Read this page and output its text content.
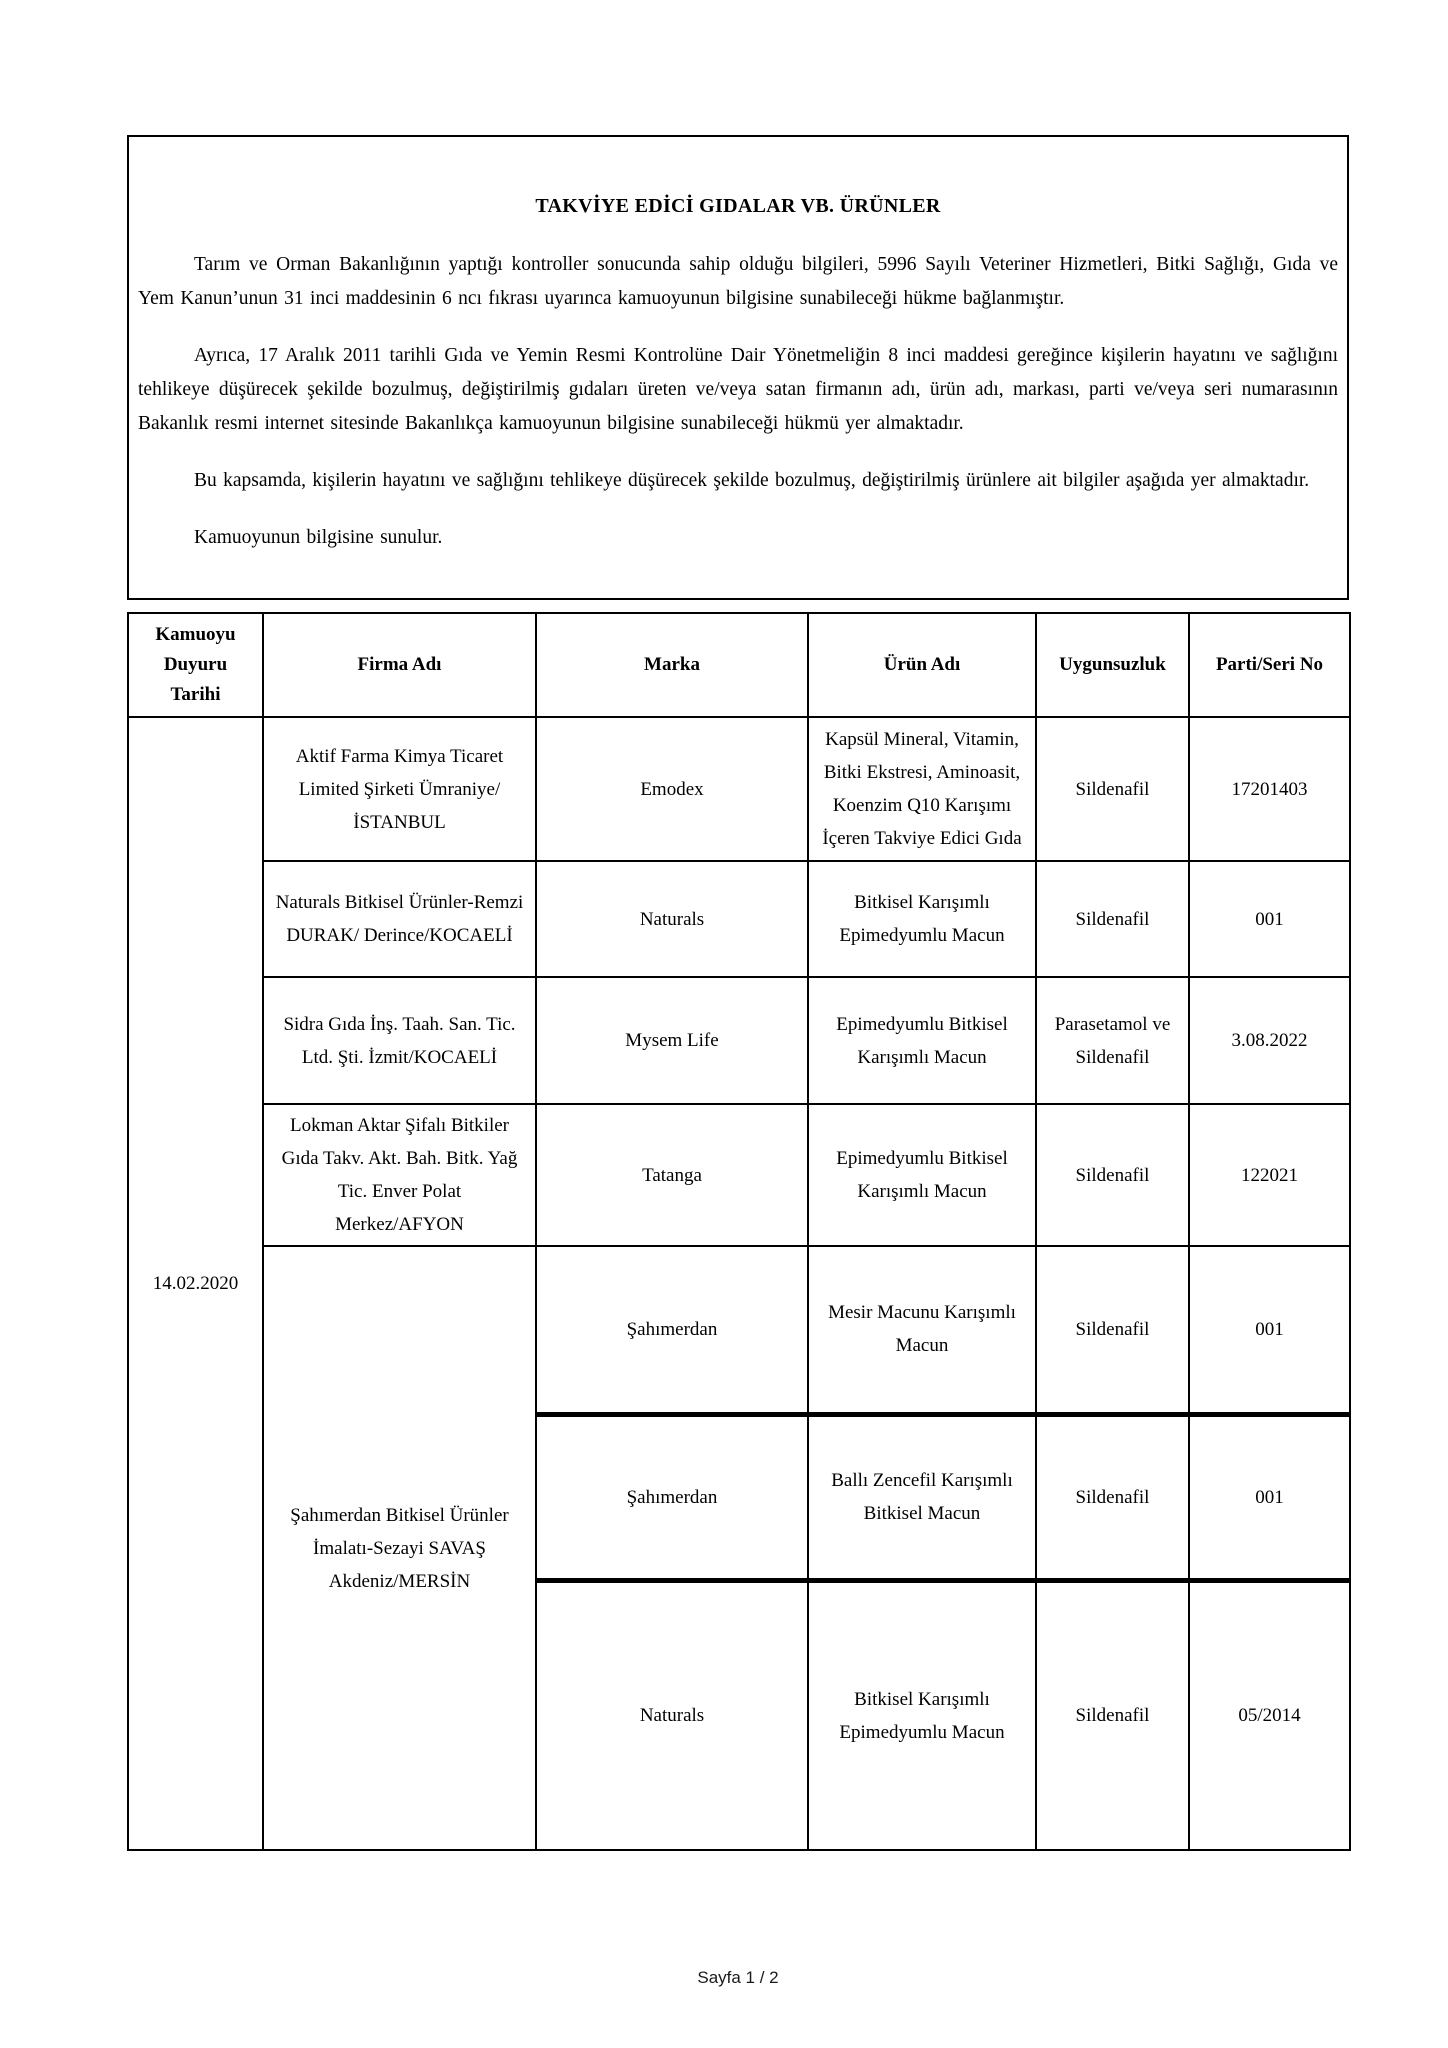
TAKVİYE EDİCİ GIDALAR VB. ÜRÜNLER

Tarım ve Orman Bakanlığının yaptığı kontroller sonucunda sahip olduğu bilgileri, 5996 Sayılı Veteriner Hizmetleri, Bitki Sağlığı, Gıda ve Yem Kanun’unun 31 inci maddesinin 6 ncı fıkrası uyarınca kamuoyunun bilgisine sunabileceği hükme bağlanmıştır.

Ayrıca, 17 Aralık 2011 tarihli Gıda ve Yemin Resmi Kontrolüne Dair Yönetmeliğin 8 inci maddesi gereğince kişilerin hayatını ve sağlığını tehlikeye düşürecek şekilde bozulmuş, değiştirilmiş gıdaları üreten ve/veya satan firmanın adı, ürün adı, markası, parti ve/veya seri numarasının Bakanlık resmi internet sitesinde Bakanlıkça kamuoyunun bilgisine sunabileceği hükmü yer almaktadır.

Bu kapsamda, kişilerin hayatını ve sağlığını tehlikeye düşürecek şekilde bozulmuş, değiştirilmiş ürünlere ait bilgiler aşağıda yer almaktadır.

Kamuoyunun bilgisine sunulur.

Kamuoyu Duyuru Tarihi	Firma Adı	Marka	Ürün Adı	Uygunsuzluk	Parti/Seri No
14.02.2020	Aktif Farma Kimya Ticaret Limited Şirketi Ümraniye/İSTANBUL	Emodex	Kapsül Mineral, Vitamin, Bitki Ekstresi, Aminoasit, Koenzim Q10 Karışımı İçeren Takviye Edici Gıda	Sildenafil	17201403
	Naturals Bitkisel Ürünler-Remzi DURAK/ Derince/KOCAELİ	Naturals	Bitkisel Karışımlı Epimedyumlu Macun	Sildenafil	001
	Sidra Gıda İnş. Taah. San. Tic. Ltd. Şti. İzmit/KOCAELİ	Mysem Life	Epimedyumlu Bitkisel Karışımlı Macun	Parasetamol ve Sildenafil	3.08.2022
	Lokman Aktar Şifalı Bitkiler Gıda Takv. Akt. Bah. Bitk. Yağ Tic. Enver Polat Merkez/AFYON	Tatanga	Epimedyumlu Bitkisel Karışımlı Macun	Sildenafil	122021
	Şahımerdan Bitkisel Ürünler İmalatı-Sezayi SAVAŞ Akdeniz/MERSİN	Şahımerdan	Mesir Macunu Karışımlı Macun	Sildenafil	001
		Şahımerdan	Ballı Zencefil Karışımlı Bitkisel Macun	Sildenafil	001
		Naturals	Bitkisel Karışımlı Epimedyumlu Macun	Sildenafil	05/2014
Sayfa 1 / 2
